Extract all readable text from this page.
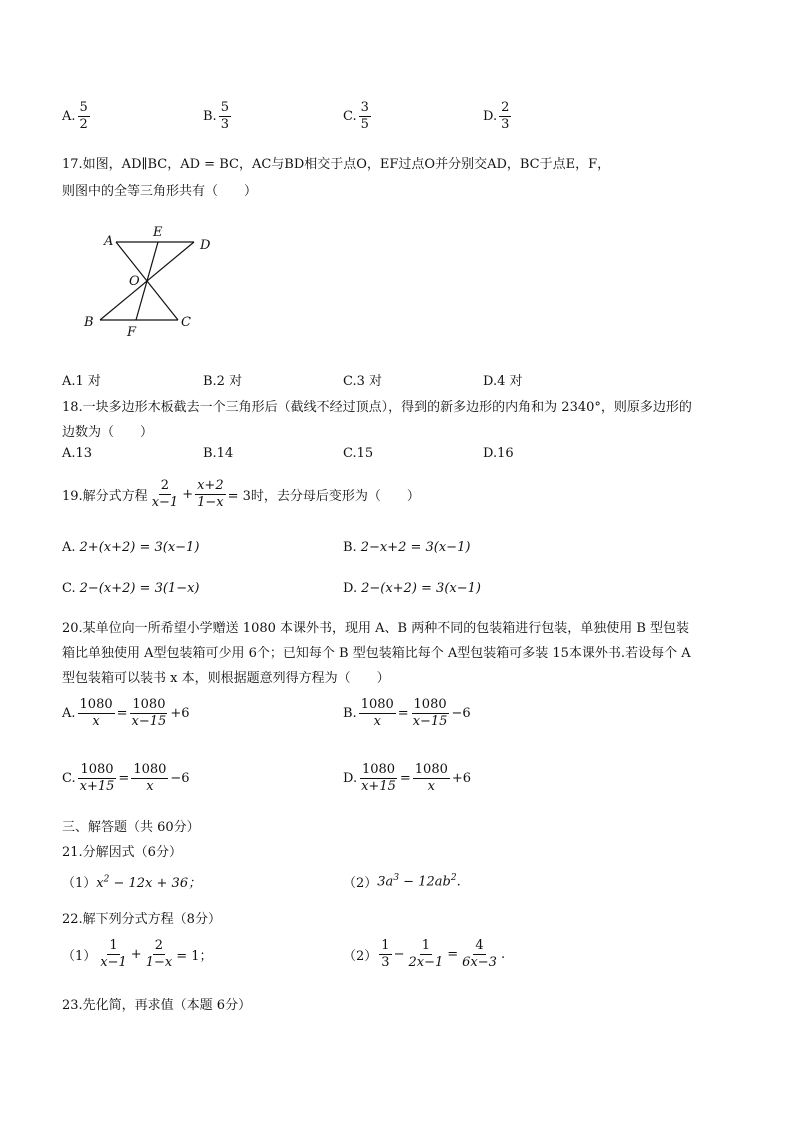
A. $\frac{5}{2}$	B. $\frac{5}{3}$	C. $\frac{3}{5}$	D. $\frac{2}{3}$
17.如图，AD∥BC，AD = BC，AC与BD相交于点O，EF过点O并分别交AD，BC于点E，F，
则图中的全等三角形共有（　　）
A
E
D
O
B
F
C
A.1 对	B.2 对	C.3 对	D.4 对
18.一块多边形木板截去一个三角形后（截线不经过顶点），得到的新多边形的内角和为 2340°，则原多边形的
边数为（　　）
A.13	B.14	C.15	D.16
19.解分式方程 $\frac{2}{x-1} + \frac{x+2}{1-x} = 3$时，去分母后变形为（　　）
A. 2+(x+2) = 3(x−1)	B. 2−x+2 = 3(x−1)
C. 2−(x+2) = 3(1−x)	D. 2−(x+2) = 3(x−1)
20.某单位向一所希望小学赠送 1080 本课外书，现用 A、B 两种不同的包装箱进行包装，单独使用 B 型包装
箱比单独使用 A型包装箱可少用 6个；已知每个 B 型包装箱比每个 A型包装箱可多装 15本课外书.若设每个 A
型包装箱可以装书 x 本，则根据题意列得方程为（　　）
A. $\frac{1080}{x} = \frac{1080}{x-15} +6$	B. $\frac{1080}{x} = \frac{1080}{x-15} -6$
C. $\frac{1080}{x+15} = \frac{1080}{x} -6$	D. $\frac{1080}{x+15} = \frac{1080}{x} +6$
三、解答题（共 60分）
21.分解因式（6分）
（1） $x^2 - 12x + 36$；	（2） $3a^3 - 12ab^2$.
22.解下列分式方程（8分）
$(1) \frac{1}{x-1} + \frac{2}{1-x} = 1$；	$(2) \frac{1}{3} - \frac{1}{2x-1} = \frac{4}{6x-3}$ .
23.先化简，再求值（本题 6分）
